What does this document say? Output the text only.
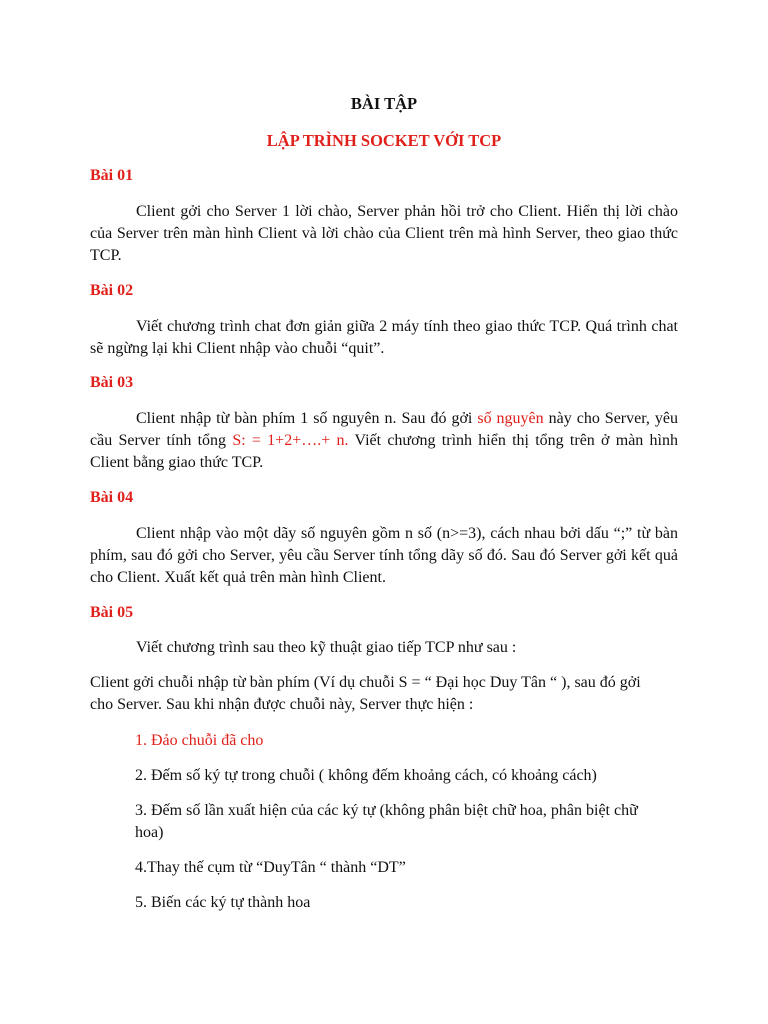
BÀI TẬP
LẬP TRÌNH SOCKET VỚI TCP
Bài 01
Client gởi cho Server 1 lời chào, Server phản hồi trở cho Client. Hiển thị lời chào của Server trên màn hình Client và lời chào của Client trên mà hình Server, theo giao thức TCP.
Bài 02
Viết chương trình chat đơn giản giữa 2 máy tính theo giao thức TCP. Quá trình chat sẽ ngừng lại khi Client nhập vào chuỗi “quit”.
Bài 03
Client nhập từ bàn phím 1 số nguyên n. Sau đó gởi số nguyên này cho Server, yêu cầu Server tính tổng S: = 1+2+….+ n. Viết chương trình hiển thị tổng trên ở màn hình Client bằng giao thức TCP.
Bài 04
Client nhập vào một dãy số nguyên gồm n số (n>=3), cách nhau bởi dấu “;” từ bàn phím, sau đó gởi cho Server, yêu cầu Server tính tổng dãy số đó. Sau đó Server gởi kết quả cho Client. Xuất kết quả trên màn hình Client.
Bài 05
Viết chương trình sau theo kỹ thuật giao tiếp TCP như sau :
Client gởi chuỗi nhập từ bàn phím (Ví dụ chuỗi S = “ Đại học Duy Tân “ ), sau đó gởi cho Server. Sau khi nhận được chuỗi này, Server thực hiện :
1. Đảo chuỗi đã cho
2. Đếm số ký tự trong chuỗi ( không đếm khoảng cách, có khoảng cách)
3. Đếm số lần xuất hiện của các ký tự (không phân biệt chữ hoa, phân biệt chữ hoa)
4.Thay thế cụm từ “DuyTân “ thành “DT”
5. Biến các ký tự thành hoa
